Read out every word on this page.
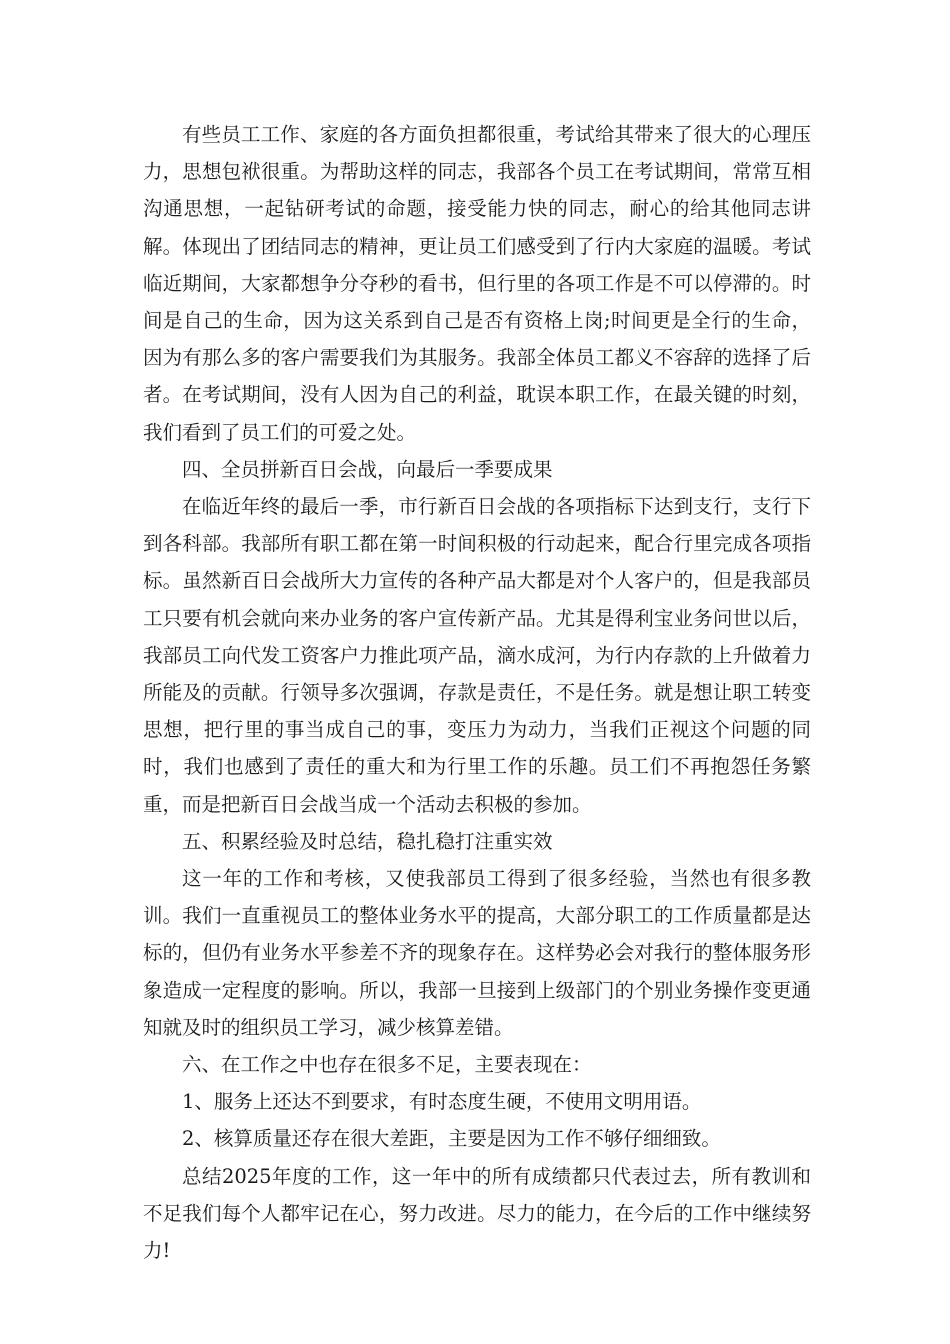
有些员工工作、家庭的各方面负担都很重，考试给其带来了很大的心理压力，思想包袱很重。为帮助这样的同志，我部各个员工在考试期间，常常互相沟通思想，一起钻研考试的命题，接受能力快的同志，耐心的给其他同志讲解。体现出了团结同志的精神，更让员工们感受到了行内大家庭的温暖。考试临近期间，大家都想争分夺秒的看书，但行里的各项工作是不可以停滞的。时间是自己的生命，因为这关系到自己是否有资格上岗;时间更是全行的生命，因为有那么多的客户需要我们为其服务。我部全体员工都义不容辞的选择了后者。在考试期间，没有人因为自己的利益，耽误本职工作，在最关键的时刻，我们看到了员工们的可爱之处。

四、全员拼新百日会战，向最后一季要成果

在临近年终的最后一季，市行新百日会战的各项指标下达到支行，支行下到各科部。我部所有职工都在第一时间积极的行动起来，配合行里完成各项指标。虽然新百日会战所大力宣传的各种产品大都是对个人客户的，但是我部员工只要有机会就向来办业务的客户宣传新产品。尤其是得利宝业务问世以后，我部员工向代发工资客户力推此项产品，滴水成河，为行内存款的上升做着力所能及的贡献。行领导多次强调，存款是责任，不是任务。就是想让职工转变思想，把行里的事当成自己的事，变压力为动力，当我们正视这个问题的同时，我们也感到了责任的重大和为行里工作的乐趣。员工们不再抱怨任务繁重，而是把新百日会战当成一个活动去积极的参加。

五、积累经验及时总结，稳扎稳打注重实效

这一年的工作和考核，又使我部员工得到了很多经验，当然也有很多教训。我们一直重视员工的整体业务水平的提高，大部分职工的工作质量都是达标的，但仍有业务水平参差不齐的现象存在。这样势必会对我行的整体服务形象造成一定程度的影响。所以，我部一旦接到上级部门的个别业务操作变更通知就及时的组织员工学习，减少核算差错。

六、在工作之中也存在很多不足，主要表现在：

1、服务上还达不到要求，有时态度生硬，不使用文明用语。

2、核算质量还存在很大差距，主要是因为工作不够仔细细致。

总结2025年度的工作，这一年中的所有成绩都只代表过去，所有教训和不足我们每个人都牢记在心，努力改进。尽力的能力，在今后的工作中继续努力!
